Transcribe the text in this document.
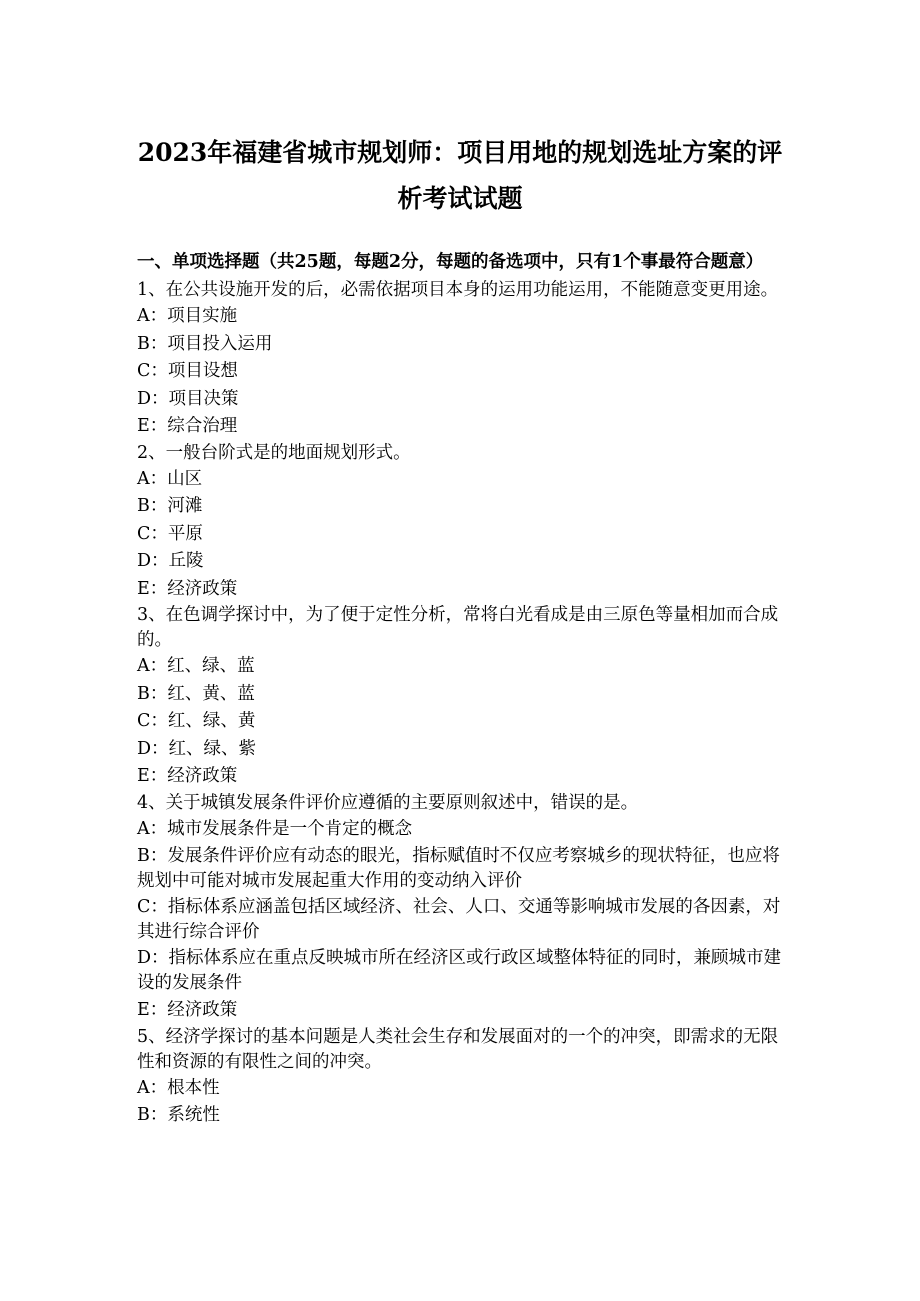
2023年福建省城市规划师：项目用地的规划选址方案的评
析考试试题

一、单项选择题（共25题，每题2分，每题的备选项中，只有1个事最符合题意）

1、在公共设施开发的后，必需依据项目本身的运用功能运用，不能随意变更用途。

A：项目实施

B：项目投入运用

C：项目设想

D：项目决策

E：综合治理

2、一般台阶式是的地面规划形式。

A：山区

B：河滩

C：平原

D：丘陵

E：经济政策

3、在色调学探讨中，为了便于定性分析，常将白光看成是由三原色等量相加而合成的。

A：红、绿、蓝

B：红、黄、蓝

C：红、绿、黄

D：红、绿、紫

E：经济政策

4、关于城镇发展条件评价应遵循的主要原则叙述中，错误的是。

A：城市发展条件是一个肯定的概念

B：发展条件评价应有动态的眼光，指标赋值时不仅应考察城乡的现状特征，也应将规划中可能对城市发展起重大作用的变动纳入评价

C：指标体系应涵盖包括区域经济、社会、人口、交通等影响城市发展的各因素，对其进行综合评价

D：指标体系应在重点反映城市所在经济区或行政区域整体特征的同时，兼顾城市建设的发展条件

E：经济政策

5、经济学探讨的基本问题是人类社会生存和发展面对的一个的冲突，即需求的无限性和资源的有限性之间的冲突。

A：根本性

B：系统性
